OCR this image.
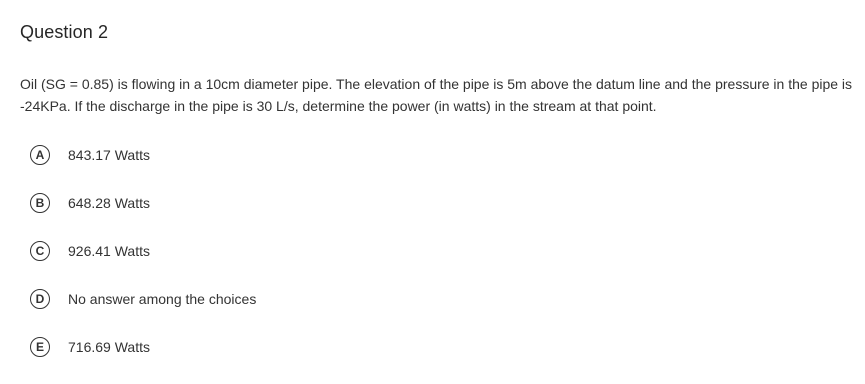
Question 2

Oil (SG = 0.85) is flowing in a 10cm diameter pipe. The elevation of the pipe is 5m above the datum line and the pressure in the pipe is -24KPa. If the discharge in the pipe is 30 L/s, determine the power (in watts) in the stream at that point.

A	843.17 Watts
B	648.28 Watts
C	926.41 Watts
D	No answer among the choices
E	716.69 Watts
